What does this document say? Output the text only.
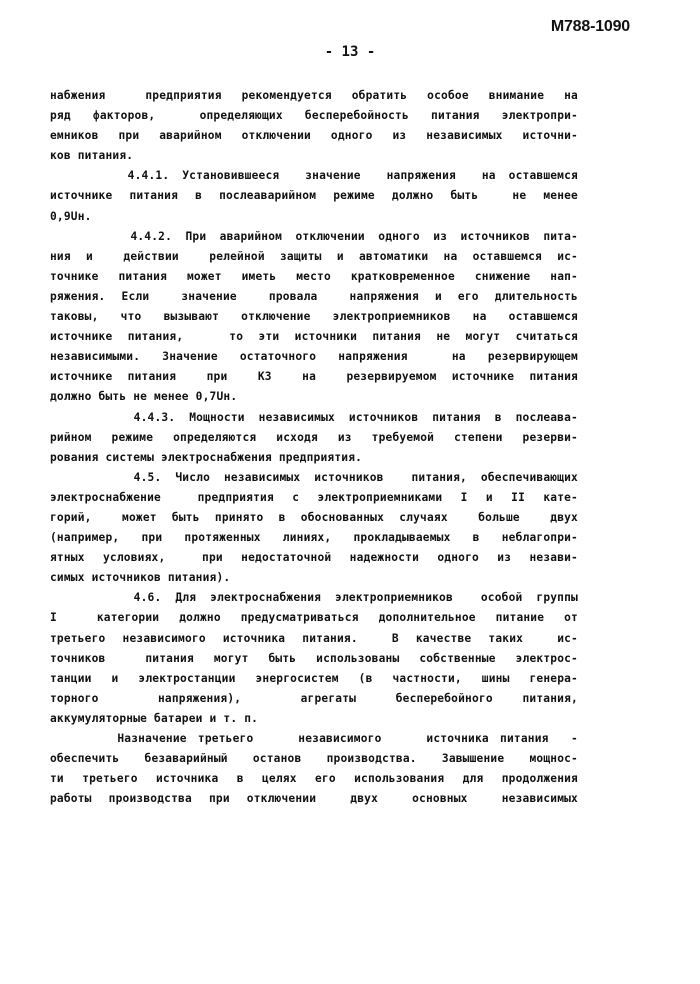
М788-1090
- 13 -
набжения  предприятия рекомендуется обратить особое внимание на
ряд факторов,  определяющих бесперебойность питания электропри-
емников при аварийном отключении одного из независимых источни-
ков питания.
4.4.1. Установившееся  значение  напряжения  на оставшемся
источнике питания в послеаварийном режиме должно быть  не менее
0,9Uн.
4.4.2. При аварийном отключении одного из источников пита-
ния и  действии  релейной защиты и автоматики на оставшемся ис-
точнике питания может иметь место кратковременное снижение нап-
ряжения. Если  значение  провала  напряжения и его длительность
таковы, что вызывают отключение электроприемников на оставшемся
источнике питания,   то эти источники питания не могут считаться
независимыми. Значение остаточного напряжения  на резервирующем
источнике питания  при  КЗ  на  резервируемом источнике питания
должно быть не менее 0,7Uн.
4.4.3. Мощности независимых источников питания в послеава-
рийном режиме определяются исходя из требуемой степени резерви-
рования системы электроснабжения предприятия.
4.5. Число независимых источников  питания, обеспечивающих
электроснабжение  предприятия с электроприемниками I и II кате-
горий,  может быть принято в обоснованных случаях  больше  двух
(например, при протяженных линиях, прокладываемых в неблагопри-
ятных условиях,  при недостаточной надежности одного из незави-
симых источников питания).
4.6. Для электроснабжения электроприемников  особой группы
I  категории должно предусматриваться дополнительное питание от
третьего независимого источника питания.  В качестве таких  ис-
точников  питания могут быть использованы собственные электрос-
танции и электростанции энергосистем (в частности, шины генера-
торного      напряжения),      агрегаты    бесперебойного   питания,
аккумуляторные батареи и т. п.
Назначение третьего    независимого    источника питания  -
обеспечить безаварийный останов производства. Завышение мощнос-
ти третьего источника в целях его использования для продолжения
работы производства при отключении  двух  основных  независимых
